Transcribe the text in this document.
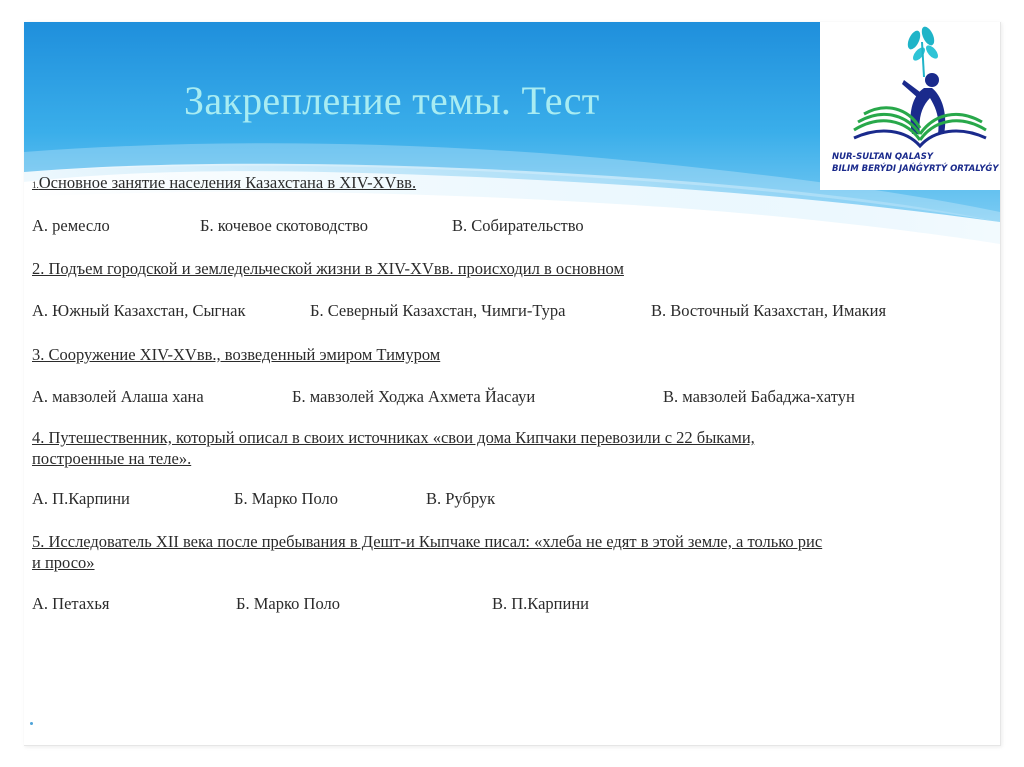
NUR-SULTAN QALASY
BILIM BERÝDI JAŃǴYRTÝ ORTALYǴY
Закрепление темы. Тест

1.Основное занятие населения Казахстана в XIV-XVвв.

А. ремесло	Б. кочевое скотоводство	В. Собирательство

2. Подъем городской и земледельческой жизни в XIV-XVвв. происходил в основном

А. Южный Казахстан, Сыгнак	Б. Северный Казахстан, Чимги-Тура	В. Восточный Казахстан, Имакия

3. Сооружение XIV-XVвв., возведенный эмиром Тимуром

А. мавзолей Алаша хана	Б. мавзолей Ходжа Ахмета Йасауи	В. мавзолей Бабаджа-хатун

4. Путешественник, который описал в своих источниках «свои дома Кипчаки перевозили с 22 быками,
построенные на теле».

А. П.Карпини	Б. Марко Поло	В. Рубрук

5. Исследователь XII века после пребывания в Дешт-и Кыпчаке писал: «хлеба не едят в этой земле, а только рис
и просо»

А. Петахья	Б. Марко Поло	В. П.Карпини
